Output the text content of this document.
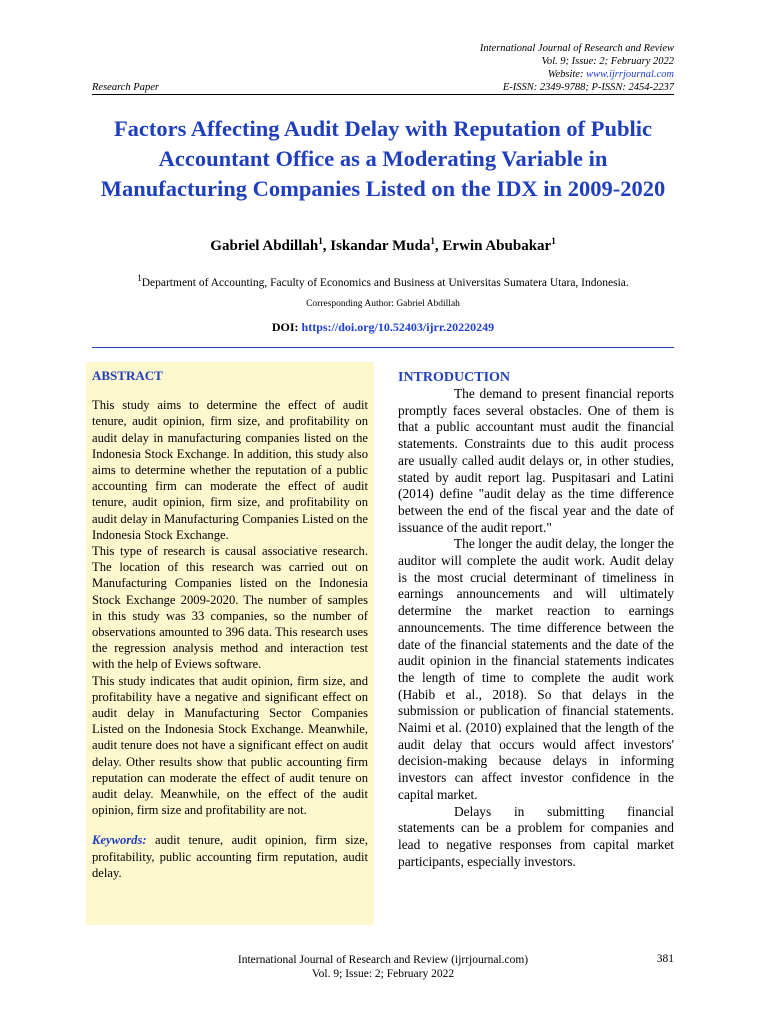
International Journal of Research and Review
Vol. 9; Issue: 2; February 2022
Website: www.ijrrjournal.com
E-ISSN: 2349-9788; P-ISSN: 2454-2237
Research Paper
Factors Affecting Audit Delay with Reputation of Public Accountant Office as a Moderating Variable in Manufacturing Companies Listed on the IDX in 2009-2020
Gabriel Abdillah$^1$, Iskandar Muda$^1$, Erwin Abubakar$^1$
$^1$Department of Accounting, Faculty of Economics and Business at Universitas Sumatera Utara, Indonesia.
Corresponding Author: Gabriel Abdillah
DOI: https://doi.org/10.52403/ijrr.20220249
ABSTRACT

This study aims to determine the effect of audit tenure, audit opinion, firm size, and profitability on audit delay in manufacturing companies listed on the Indonesia Stock Exchange. In addition, this study also aims to determine whether the reputation of a public accounting firm can moderate the effect of audit tenure, audit opinion, firm size, and profitability on audit delay in Manufacturing Companies Listed on the Indonesia Stock Exchange.

This type of research is causal associative research. The location of this research was carried out on Manufacturing Companies listed on the Indonesia Stock Exchange 2009-2020. The number of samples in this study was 33 companies, so the number of observations amounted to 396 data. This research uses the regression analysis method and interaction test with the help of Eviews software.

This study indicates that audit opinion, firm size, and profitability have a negative and significant effect on audit delay in Manufacturing Sector Companies Listed on the Indonesia Stock Exchange. Meanwhile, audit tenure does not have a significant effect on audit delay. Other results show that public accounting firm reputation can moderate the effect of audit tenure on audit delay. Meanwhile, on the effect of the audit opinion, firm size and profitability are not.

Keywords: audit tenure, audit opinion, firm size, profitability, public accounting firm reputation, audit delay.
INTRODUCTION

The demand to present financial reports promptly faces several obstacles. One of them is that a public accountant must audit the financial statements. Constraints due to this audit process are usually called audit delays or, in other studies, stated by audit report lag. Puspitasari and Latini (2014) define "audit delay as the time difference between the end of the fiscal year and the date of issuance of the audit report."

The longer the audit delay, the longer the auditor will complete the audit work. Audit delay is the most crucial determinant of timeliness in earnings announcements and will ultimately determine the market reaction to earnings announcements. The time difference between the date of the financial statements and the date of the audit opinion in the financial statements indicates the length of time to complete the audit work (Habib et al., 2018). So that delays in the submission or publication of financial statements. Naimi et al. (2010) explained that the length of the audit delay that occurs would affect investors' decision-making because delays in informing investors can affect investor confidence in the capital market.

Delays in submitting financial statements can be a problem for companies and lead to negative responses from capital market participants, especially investors.

International Journal of Research and Review (ijrrjournal.com)
Vol. 9; Issue: 2; February 2022
381
